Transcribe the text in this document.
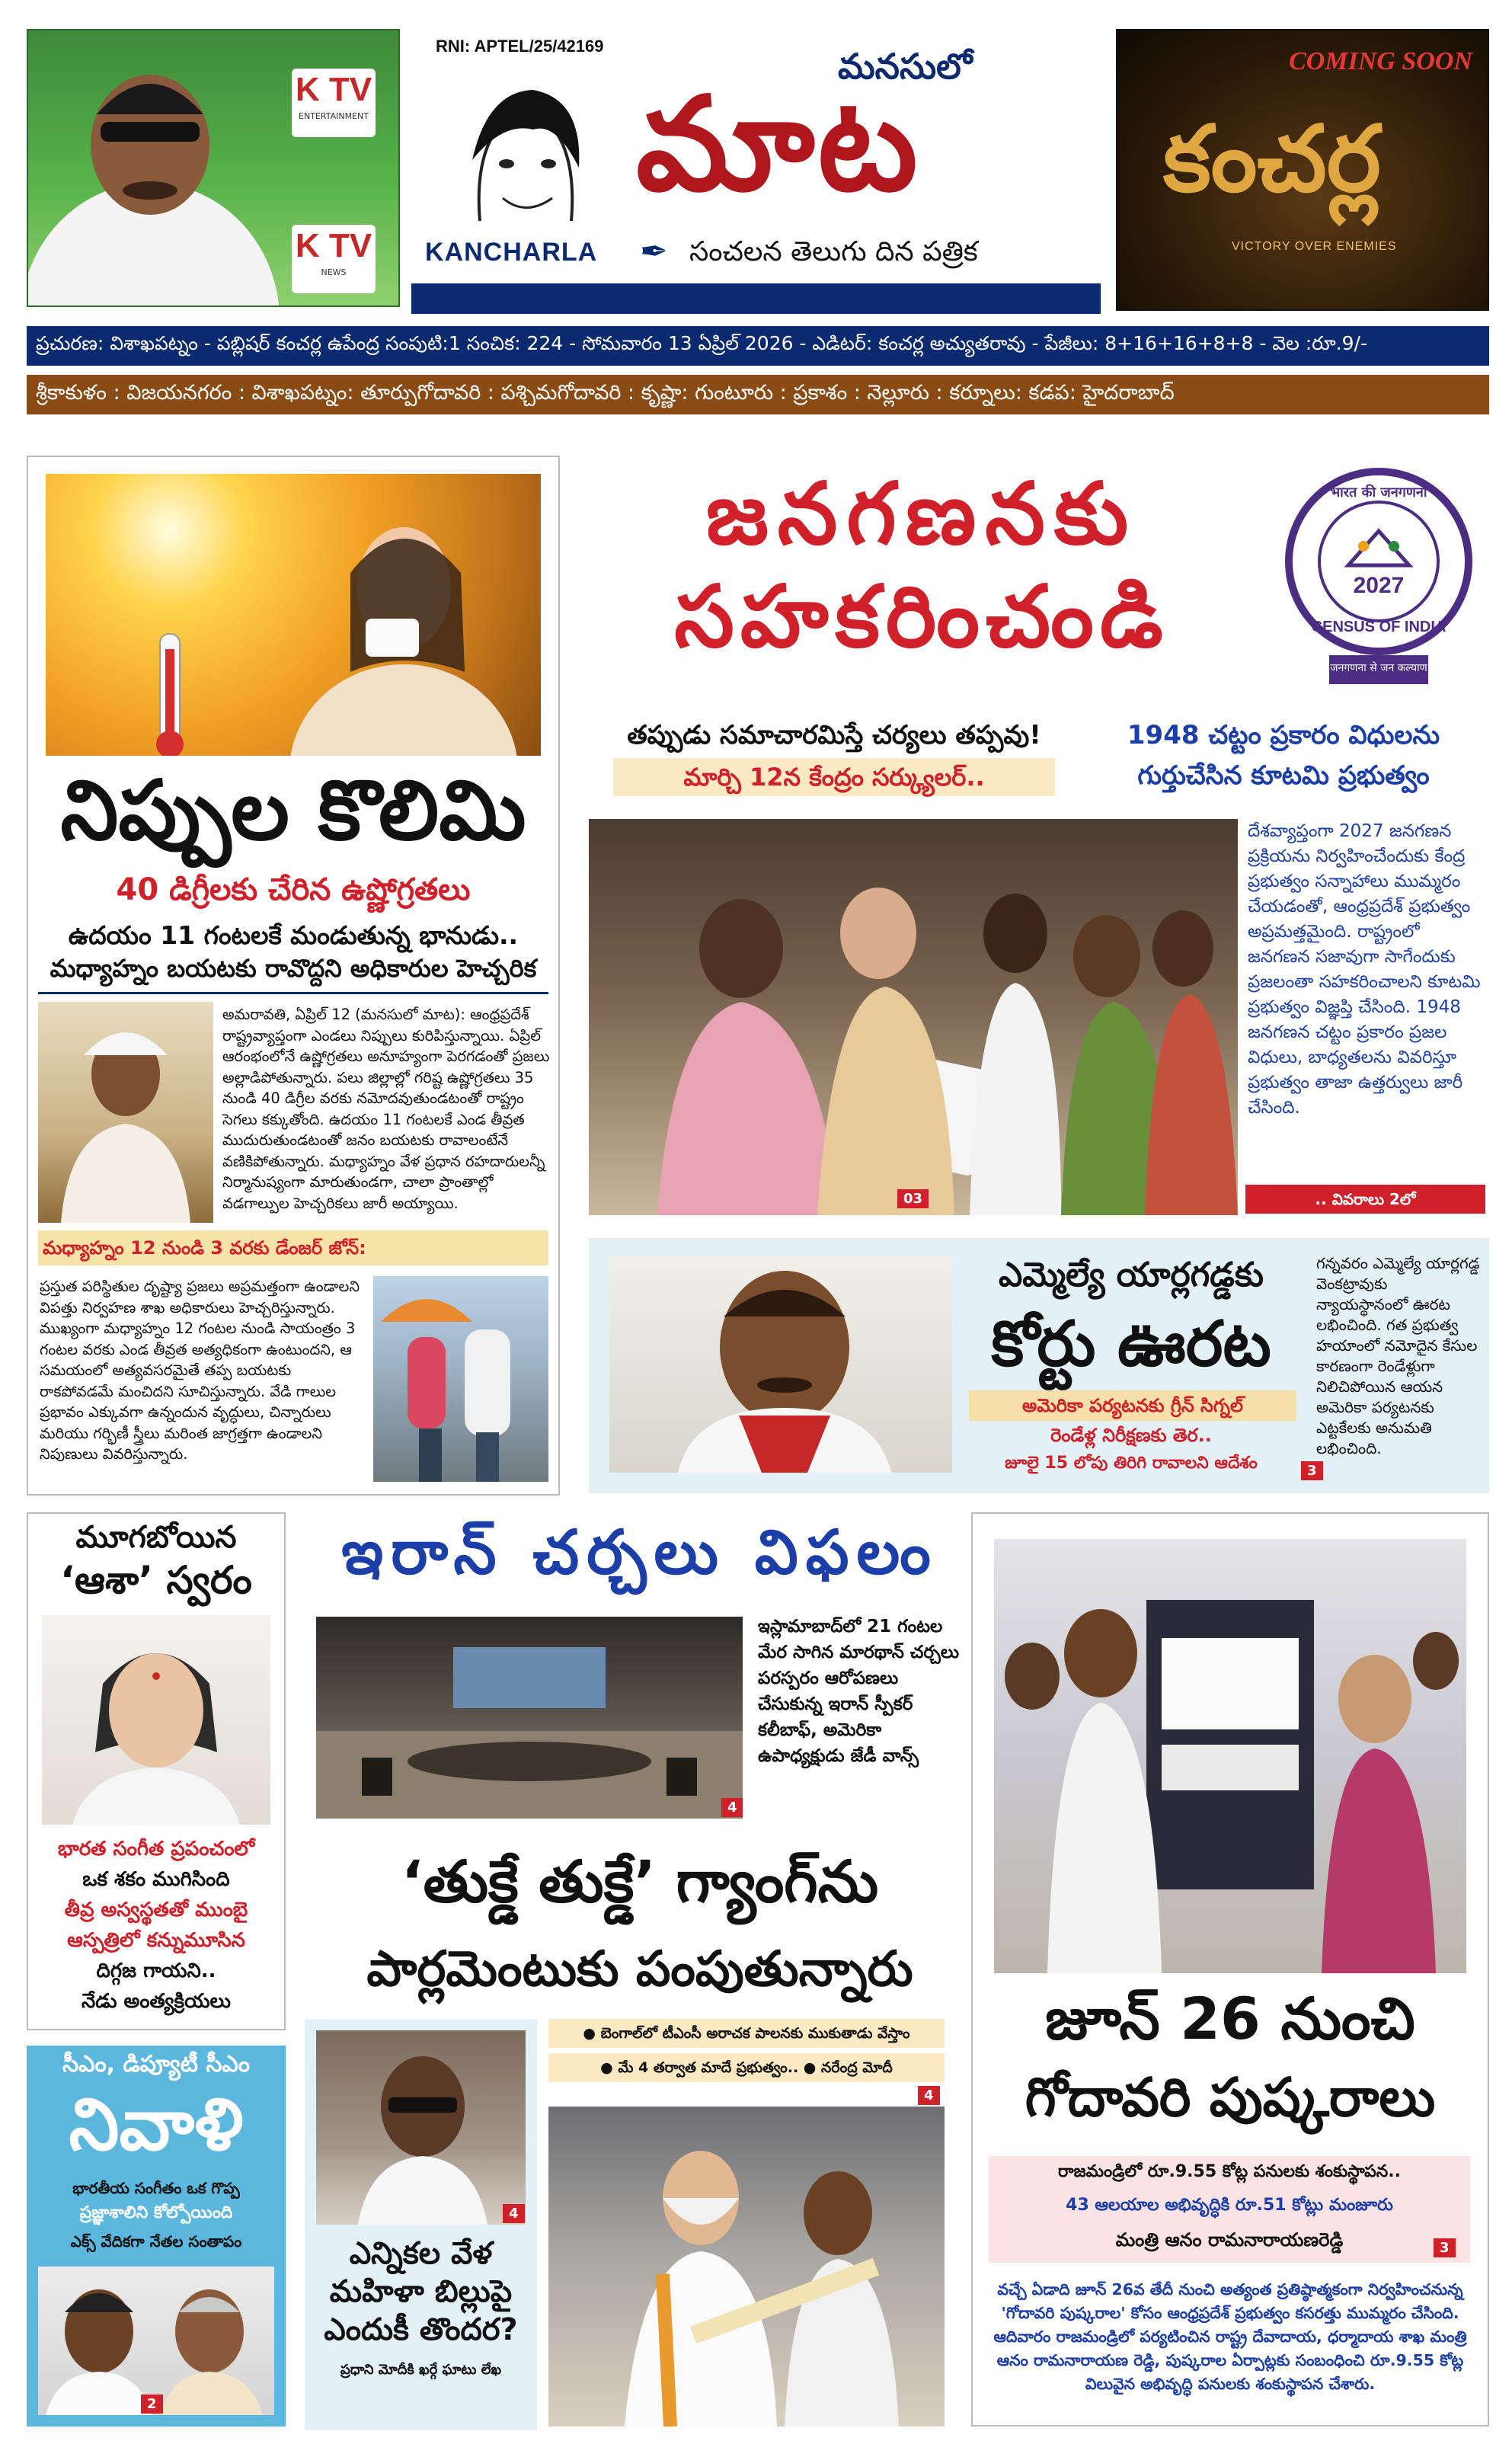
K TV
ENTERTAINMENT
K TV
NEWS
RNI: APTEL/25/42169
KANCHARLA
మనసులో
మాట
✒ సంచలన తెలుగు దిన పత్రిక
COMING SOON
కంచర్ల
VICTORY OVER ENEMIES
ప్రచురణ: విశాఖపట్నం - పబ్లిషర్ కంచర్ల ఉపేంద్ర సంపుటి:1 సంచిక: 224 - సోమవారం 13 ఏప్రిల్ 2026 - ఎడిటర్: కంచర్ల అచ్యుతరావు - పేజీలు: 8+16+16+8+8 - వెల :రూ.9/-
శ్రీకాకుళం : విజయనగరం : విశాఖపట్నం: తూర్పుగోదావరి : పశ్చిమగోదావరి : కృష్ణా: గుంటూరు : ప్రకాశం : నెల్లూరు : కర్నూలు: కడప: హైదరాబాద్
నిప్పుల కొలిమి
40 డిగ్రీలకు చేరిన ఉష్ణోగ్రతలు
ఉదయం 11 గంటలకే మండుతున్న భానుడు..
మధ్యాహ్నం బయటకు రావొద్దని అధికారుల హెచ్చరిక
అమరావతి, ఏప్రిల్ 12 (మనసులో మాట): ఆంధ్రప్రదేశ్ రాష్ట్రవ్యాప్తంగా ఎండలు నిప్పులు కురిపిస్తున్నాయి. ఏప్రిల్ ఆరంభంలోనే ఉష్ణోగ్రతలు అనూహ్యంగా పెరగడంతో ప్రజలు అల్లాడిపోతున్నారు. పలు జిల్లాల్లో గరిష్ట ఉష్ణోగ్రతలు 35 నుండి 40 డిగ్రీల వరకు నమోదవుతుండటంతో రాష్ట్రం సెగలు కక్కుతోంది. ఉదయం 11 గంటలకే ఎండ తీవ్రత ముదురుతుండటంతో జనం బయటకు రావాలంటేనే వణికిపోతున్నారు. మధ్యాహ్నం వేళ ప్రధాన రహదారులన్నీ నిర్మానుష్యంగా మారుతుండగా, చాలా ప్రాంతాల్లో వడగాల్పుల హెచ్చరికలు జారీ అయ్యాయి.
మధ్యాహ్నం 12 నుండి 3 వరకు డేంజర్ జోన్:
ప్రస్తుత పరిస్థితుల దృష్ట్యా ప్రజలు అప్రమత్తంగా ఉండాలని విపత్తు నిర్వహణ శాఖ అధికారులు హెచ్చరిస్తున్నారు. ముఖ్యంగా మధ్యాహ్నం 12 గంటల నుండి సాయంత్రం 3 గంటల వరకు ఎండ తీవ్రత అత్యధికంగా ఉంటుందని, ఆ సమయంలో అత్యవసరమైతే తప్ప బయటకు రాకపోవడమే మంచిదని సూచిస్తున్నారు. వేడి గాలుల ప్రభావం ఎక్కువగా ఉన్నందున వృద్ధులు, చిన్నారులు మరియు గర్భిణీ స్త్రీలు మరింత జాగ్రత్తగా ఉండాలని నిపుణులు వివరిస్తున్నారు.
జనగణనకు
సహకరించండి
भारत की जनगणना
2027
CENSUS OF INDIA
जनगणना से जन कल्याण
తప్పుడు సమాచారమిస్తే చర్యలు తప్పవు!
మార్చి 12న కేంద్రం సర్క్యులర్..
1948 చట్టం ప్రకారం విధులను
గుర్తుచేసిన కూటమి ప్రభుత్వం
03
దేశవ్యాప్తంగా 2027 జనగణన ప్రక్రియను నిర్వహించేందుకు కేంద్ర ప్రభుత్వం సన్నాహాలు ముమ్మరం చేయడంతో, ఆంధ్రప్రదేశ్ ప్రభుత్వం అప్రమత్తమైంది. రాష్ట్రంలో జనగణన సజావుగా సాగేందుకు ప్రజలంతా సహకరించాలని కూటమి ప్రభుత్వం విజ్ఞప్తి చేసింది. 1948 జనగణన చట్టం ప్రకారం ప్రజల విధులు, బాధ్యతలను వివరిస్తూ ప్రభుత్వం తాజా ఉత్తర్వులు జారీ చేసింది.
.. వివరాలు 2లో
ఎమ్మెల్యే యార్లగడ్డకు
కోర్టు ఊరట
అమెరికా పర్యటనకు గ్రీన్ సిగ్నల్
రెండేళ్ల నిరీక్షణకు తెర..
జూలై 15 లోపు తిరిగి రావాలని ఆదేశం
గన్నవరం ఎమ్మెల్యే యార్లగడ్డ వెంకట్రావుకు న్యాయస్థానంలో ఊరట లభించింది. గత ప్రభుత్వ హయాంలో నమోదైన కేసుల కారణంగా రెండేళ్లుగా నిలిచిపోయిన ఆయన అమెరికా పర్యటనకు ఎట్టకేలకు అనుమతి లభించింది.
3
మూగబోయిన
‘ఆశా’ స్వరం
భారత సంగీత ప్రపంచంలో
ఒక శకం ముగిసింది
తీవ్ర అస్వస్థతతో ముంబై
ఆస్పత్రిలో కన్నుమూసిన
దిగ్గజ గాయని..
నేడు అంత్యక్రియలు
సీఎం, డిప్యూటీ సీఎం
నివాళి
భారతీయ సంగీతం ఒక గొప్ప
ప్రజ్ఞాశాలిని కోల్పోయింది
ఎక్స్ వేదికగా నేతల సంతాపం
2
ఇరాన్ చర్చలు విఫలం
4
ఇస్లామాబాద్‌లో 21 గంటల మేర సాగిన మారథాన్ చర్చలు పరస్పరం ఆరోపణలు చేసుకున్న ఇరాన్ స్పీకర్ కలీబాఫ్, అమెరికా ఉపాధ్యక్షుడు జేడీ వాన్స్
‘తుక్డే తుక్డే’ గ్యాంగ్‌ను
పార్లమెంటుకు పంపుతున్నారు
● బెంగాల్‌లో టీఎంసీ అరాచక పాలనకు ముకుతాడు వేస్తాం
● మే 4 తర్వాత మాదే ప్రభుత్వం.. ● నరేంద్ర మోదీ
4
4
ఎన్నికల వేళ
మహిళా బిల్లుపై
ఎందుకీ తొందర?
ప్రధాని మోదీకి ఖర్గే ఘాటు లేఖ
జూన్ 26 నుంచి
గోదావరి పుష్కరాలు
రాజమండ్రిలో రూ.9.55 కోట్ల పనులకు శంకుస్థాపన..
43 ఆలయాల అభివృద్ధికి రూ.51 కోట్లు మంజూరు
మంత్రి ఆనం రామనారాయణరెడ్డి	3
వచ్చే ఏడాది జూన్ 26వ తేదీ నుంచి అత్యంత ప్రతిష్ఠాత్మకంగా నిర్వహించనున్న 'గోదావరి పుష్కరాల' కోసం ఆంధ్రప్రదేశ్ ప్రభుత్వం కసరత్తు ముమ్మరం చేసింది. ఆదివారం రాజమండ్రిలో పర్యటించిన రాష్ట్ర దేవాదాయ, ధర్మాదాయ శాఖ మంత్రి ఆనం రామనారాయణ రెడ్డి, పుష్కరాల ఏర్పాట్లకు సంబంధించి రూ.9.55 కోట్ల విలువైన అభివృద్ధి పనులకు శంకుస్థాపన చేశారు.
